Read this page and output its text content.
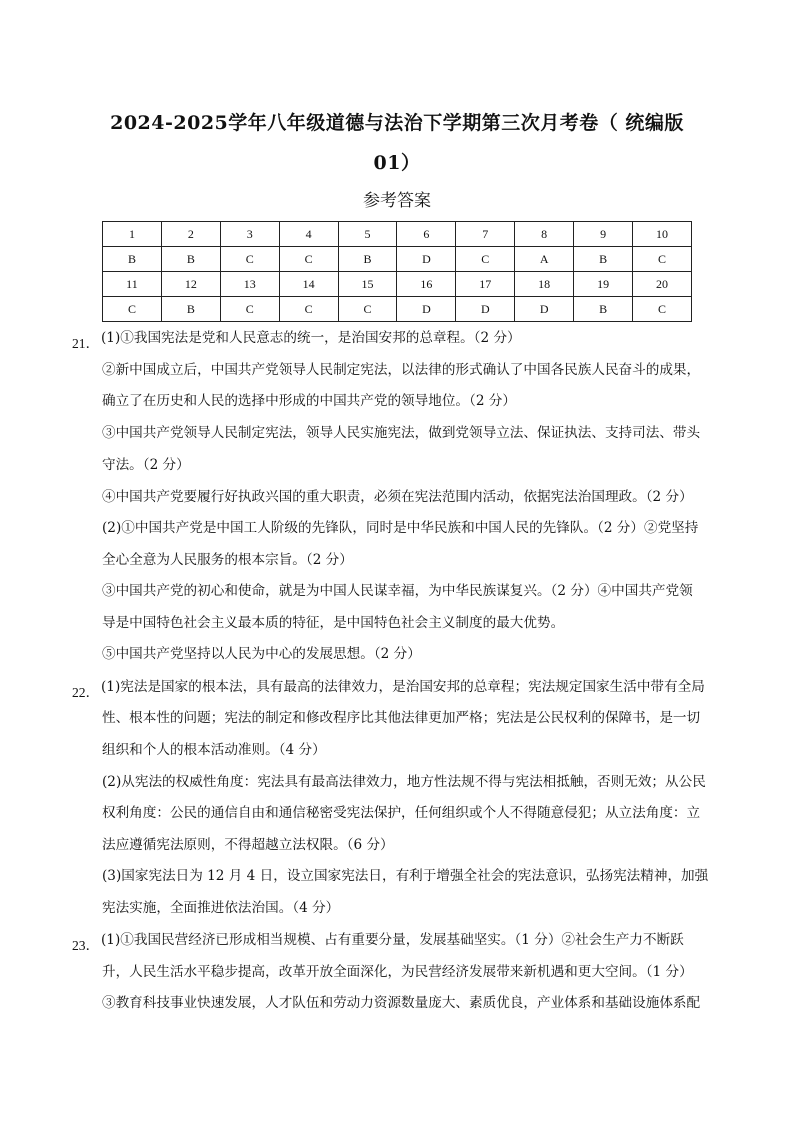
2024-2025学年八年级道德与法治下学期第三次月考卷（ 统编版
01）
参考答案
1	2	3	4	5	6	7	8	9	10
B	B	C	C	B	D	C	A	B	C
11	12	13	14	15	16	17	18	19	20
C	B	C	C	C	D	D	D	B	C
21． (1)①我国宪法是党和人民意志的统一，是治国安邦的总章程。（2 分）
②新中国成立后，中国共产党领导人民制定宪法，以法律的形式确认了中国各民族人民奋斗的成果，
确立了在历史和人民的选择中形成的中国共产党的领导地位。（2 分）
③中国共产党领导人民制定宪法，领导人民实施宪法，做到党领导立法、保证执法、支持司法、带头
守法。（2 分）
④中国共产党要履行好执政兴国的重大职责，必须在宪法范围内活动，依据宪法治国理政。（2 分）
(2)①中国共产党是中国工人阶级的先锋队，同时是中华民族和中国人民的先锋队。（2 分）②党坚持
全心全意为人民服务的根本宗旨。（2 分）
③中国共产党的初心和使命，就是为中国人民谋幸福，为中华民族谋复兴。（2 分）④中国共产党领
导是中国特色社会主义最本质的特征，是中国特色社会主义制度的最大优势。
⑤中国共产党坚持以人民为中心的发展思想。（2 分）
22． (1)宪法是国家的根本法，具有最高的法律效力，是治国安邦的总章程；宪法规定国家生活中带有全局
性、根本性的问题；宪法的制定和修改程序比其他法律更加严格；宪法是公民权利的保障书，是一切
组织和个人的根本活动准则。（4 分）
(2)从宪法的权威性角度：宪法具有最高法律效力，地方性法规不得与宪法相抵触，否则无效；从公民
权利角度：公民的通信自由和通信秘密受宪法保护，任何组织或个人不得随意侵犯；从立法角度：立
法应遵循宪法原则，不得超越立法权限。（6 分）
(3)国家宪法日为 12 月 4 日，设立国家宪法日，有利于增强全社会的宪法意识，弘扬宪法精神，加强
宪法实施，全面推进依法治国。（4 分）
23． (1)①我国民营经济已形成相当规模、占有重要分量，发展基础坚实。（1 分）②社会生产力不断跃
升，人民生活水平稳步提高，改革开放全面深化，为民营经济发展带来新机遇和更大空间。（1 分）
③教育科技事业快速发展，人才队伍和劳动力资源数量庞大、素质优良，产业体系和基础设施体系配
